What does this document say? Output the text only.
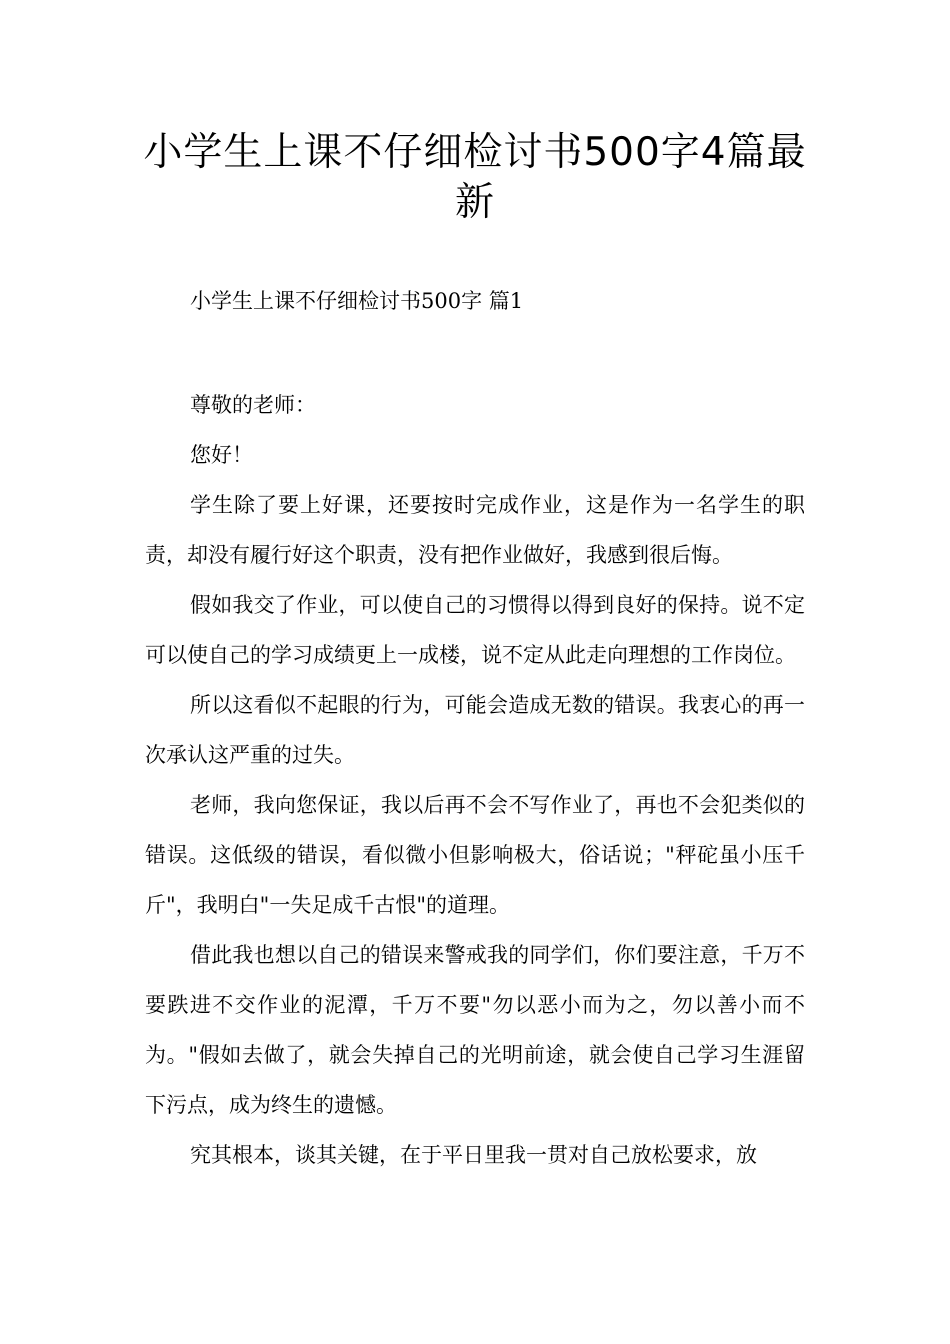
小学生上课不仔细检讨书500字4篇最新
小学生上课不仔细检讨书500字 篇1

尊敬的老师：

您好！

学生除了要上好课，还要按时完成作业，这是作为一名学生的职责，却没有履行好这个职责，没有把作业做好，我感到很后悔。

假如我交了作业，可以使自己的习惯得以得到良好的保持。说不定可以使自己的学习成绩更上一成楼，说不定从此走向理想的工作岗位。

所以这看似不起眼的行为，可能会造成无数的错误。我衷心的再一次承认这严重的过失。

老师，我向您保证，我以后再不会不写作业了，再也不会犯类似的错误。这低级的错误，看似微小但影响极大，俗话说；"秤砣虽小压千斤"，我明白"一失足成千古恨"的道理。

借此我也想以自己的错误来警戒我的同学们，你们要注意，千万不要跌进不交作业的泥潭，千万不要"勿以恶小而为之，勿以善小而不为。"假如去做了，就会失掉自己的光明前途，就会使自己学习生涯留下污点，成为终生的遗憾。

究其根本，谈其关键，在于平日里我一贯对自己放松要求，放
